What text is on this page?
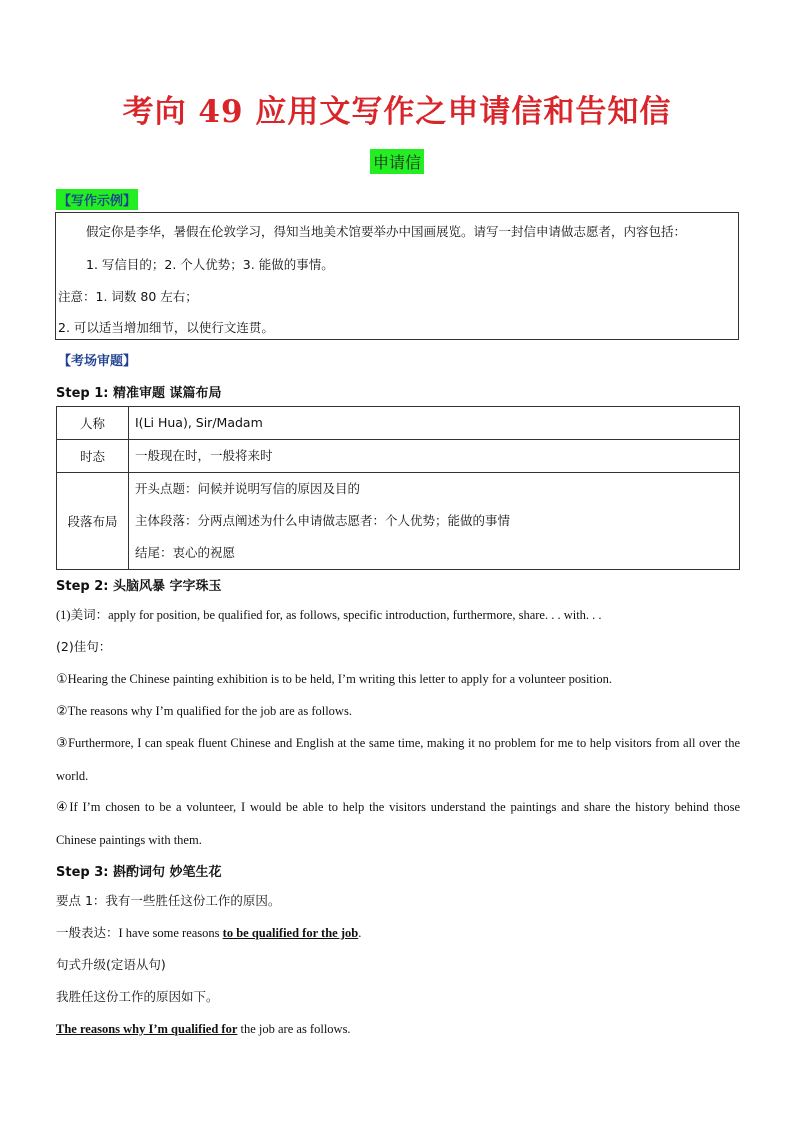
考向 49 应用文写作之申请信和告知信
申请信
【写作示例】
假定你是李华，暑假在伦敦学习，得知当地美术馆要举办中国画展览。请写一封信申请做志愿者，内容包括：
1. 写信目的；2. 个人优势；3. 能做的事情。
注意：1. 词数 80 左右；
2. 可以适当增加细节，以使行文连贯。
【考场审题】
Step 1: 精准审题 谋篇布局
人称	I(Li Hua), Sir/Madam

时态	一般现在时，一般将来时

段落布局	开头点题：问候并说明写信的原因及目的
主体段落：分两点阐述为什么申请做志愿者：个人优势；能做的事情
结尾：衷心的祝愿
Step 2: 头脑风暴 字字珠玉
(1)美词：apply for position, be qualified for, as follows, specific introduction, furthermore, share. . . with. . .
(2)佳句：
①Hearing the Chinese painting exhibition is to be held, I’m writing this letter to apply for a volunteer position.
②The reasons why I’m qualified for the job are as follows.
③Furthermore, I can speak fluent Chinese and English at the same time, making it no problem for me to help visitors from all over the world.
④If I’m chosen to be a volunteer, I would be able to help the visitors understand the paintings and share the history behind those Chinese paintings with them.
Step 3: 斟酌词句 妙笔生花
要点 1：我有一些胜任这份工作的原因。
一般表达：I have some reasons to be qualified for the job.
句式升级(定语从句)
我胜任这份工作的原因如下。
The reasons why I’m qualified for the job are as follows.
